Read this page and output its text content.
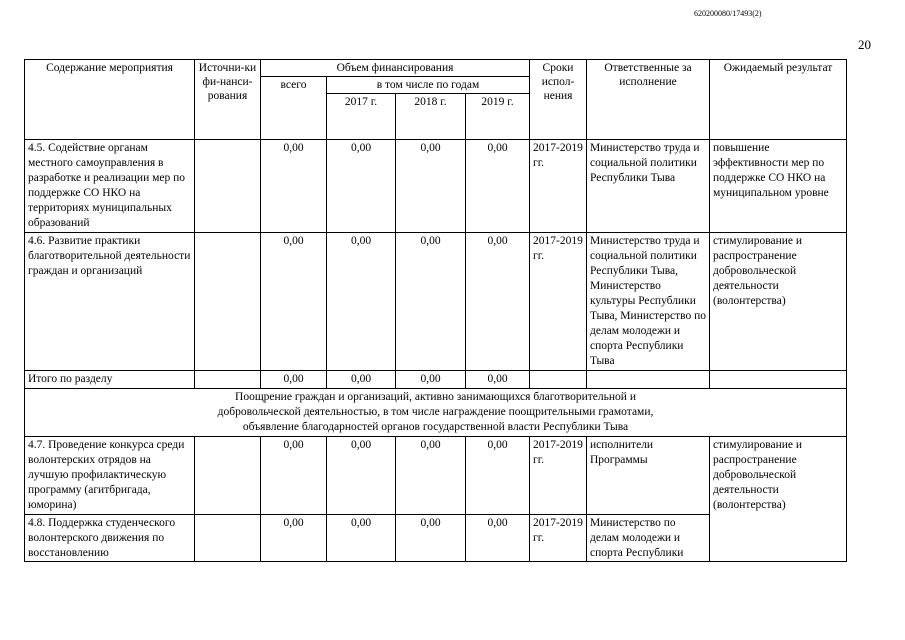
620200080/17493(2)
20
Содержание мероприятия	Источни-ки фи-нанси-рования	Объем финансирования				Сроки испол-нения	Ответственные за исполнение	Ожидаемый результат
		всего	в том числе по годам					
			2017 г.	2018 г.	2019 г.			
4.5. Содействие органам местного самоуправления в разработке и реализации мер по поддержке СО НКО на территориях муниципальных образований		0,00	0,00	0,00	0,00	2017-2019 гг.	Министерство труда и социальной политики Республики Тыва	повышение эффективности мер по поддержке СО НКО на муниципальном уровне
4.6. Развитие практики благотворительной деятельности граждан и организаций		0,00	0,00	0,00	0,00	2017-2019 гг.	Министерство труда и социальной политики Республики Тыва, Министерство культуры Республики Тыва, Министерство по делам молодежи и спорта Республики Тыва	стимулирование и распространение добровольческой деятельности (волонтерства)
Итого по разделу		0,00	0,00	0,00	0,00			
Поощрение граждан и организаций, активно занимающихся благотворительной и добровольческой деятельностью, в том числе награждение поощрительными грамотами, объявление благодарностей органов государственной власти Республики Тыва								
4.7. Проведение конкурса среди волонтерских отрядов на лучшую профилактическую программу (агитбригада, юморина)		0,00	0,00	0,00	0,00	2017-2019 гг.	исполнители Программы	стимулирование и распространение добровольческой деятельности (волонтерства)
4.8. Поддержка студенческого волонтерского движения по восстановлению		0,00	0,00	0,00	0,00	2017-2019 гг.	Министерство по делам молодежи и спорта Республики	
